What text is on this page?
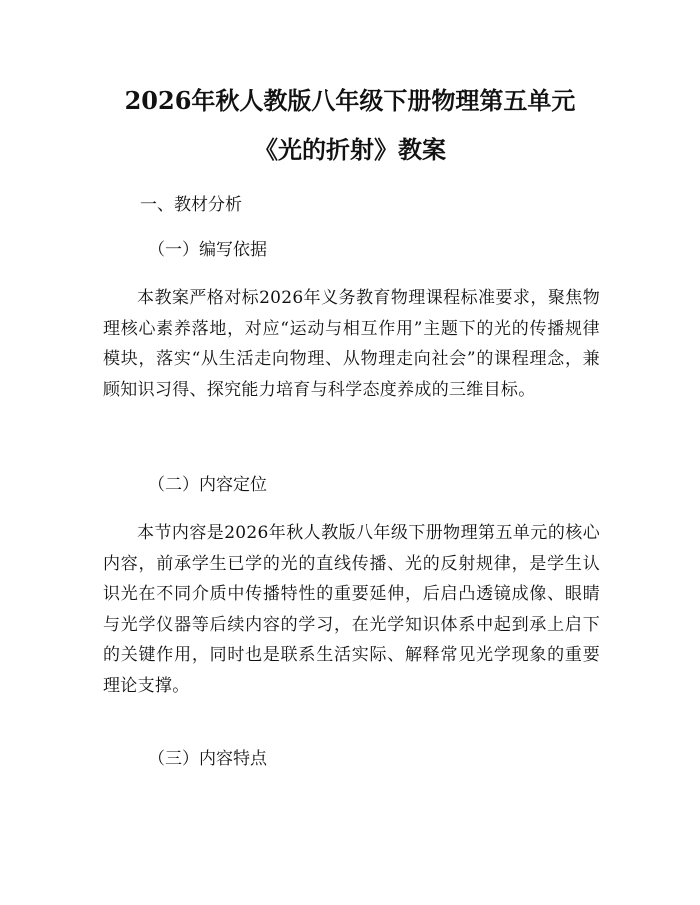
2026年秋人教版八年级下册物理第五单元
《光的折射》教案

一、教材分析

（一）编写依据

本教案严格对标2026年义务教育物理课程标准要求，聚焦物理核心素养落地，对应“运动与相互作用”主题下的光的传播规律模块，落实“从生活走向物理、从物理走向社会”的课程理念，兼顾知识习得、探究能力培育与科学态度养成的三维目标。

（二）内容定位

本节内容是2026年秋人教版八年级下册物理第五单元的核心内容，前承学生已学的光的直线传播、光的反射规律，是学生认识光在不同介质中传播特性的重要延伸，后启凸透镜成像、眼睛与光学仪器等后续内容的学习，在光学知识体系中起到承上启下的关键作用，同时也是联系生活实际、解释常见光学现象的重要理论支撑。

（三）内容特点
